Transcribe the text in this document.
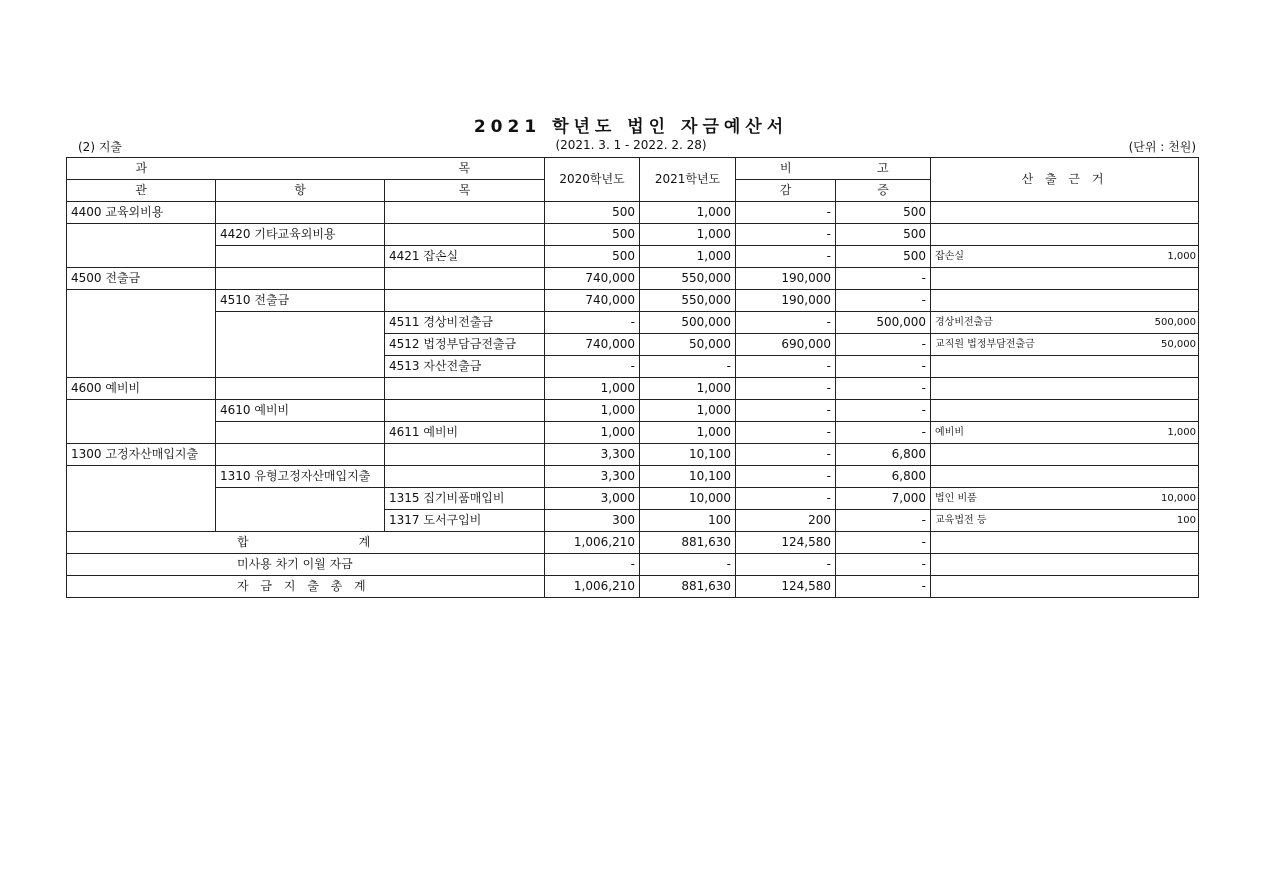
2021 학년도 법인 자금예산서
(2) 지출	(2021. 3. 1 - 2022. 2. 28)	(단위 : 천원)
과		목	2020학년도	2021학년도	비	고	산 출 근 거
관	항	목			감	증	
4400 교육외비용			500	1,000	-	500	

	4420 기타교육외비용		500	1,000	-	500	

		4421 잡손실	500	1,000	-	500	잡손실 1,000

4500 전출금			740,000	550,000	190,000	-	

	4510 전출금		740,000	550,000	190,000	-	

		4511 경상비전출금	-	500,000	-	500,000	경상비전출금 500,000

		4512 법정부담금전출금	740,000	50,000	690,000	-	교직원 법정부담전출금 50,000

		4513 자산전출금	-	-	-	-	

4600 예비비			1,000	1,000	-	-	

	4610 예비비		1,000	1,000	-	-	

		4611 예비비	1,000	1,000	-	-	예비비 1,000

1300 고정자산매입지출			3,300	10,100	-	6,800	

	1310 유형고정자산매입지출		3,300	10,100	-	6,800	

		1315 집기비품매입비	3,000	10,000	-	7,000	법인 비품 10,000

		1317 도서구입비	300	100	200	-	교육법전 등 100

합 계			1,006,210	881,630	124,580	-	
미사용 차기 이월 자금			-	-	-	-	
자 금 지 출 총 계			1,006,210	881,630	124,580	-	
